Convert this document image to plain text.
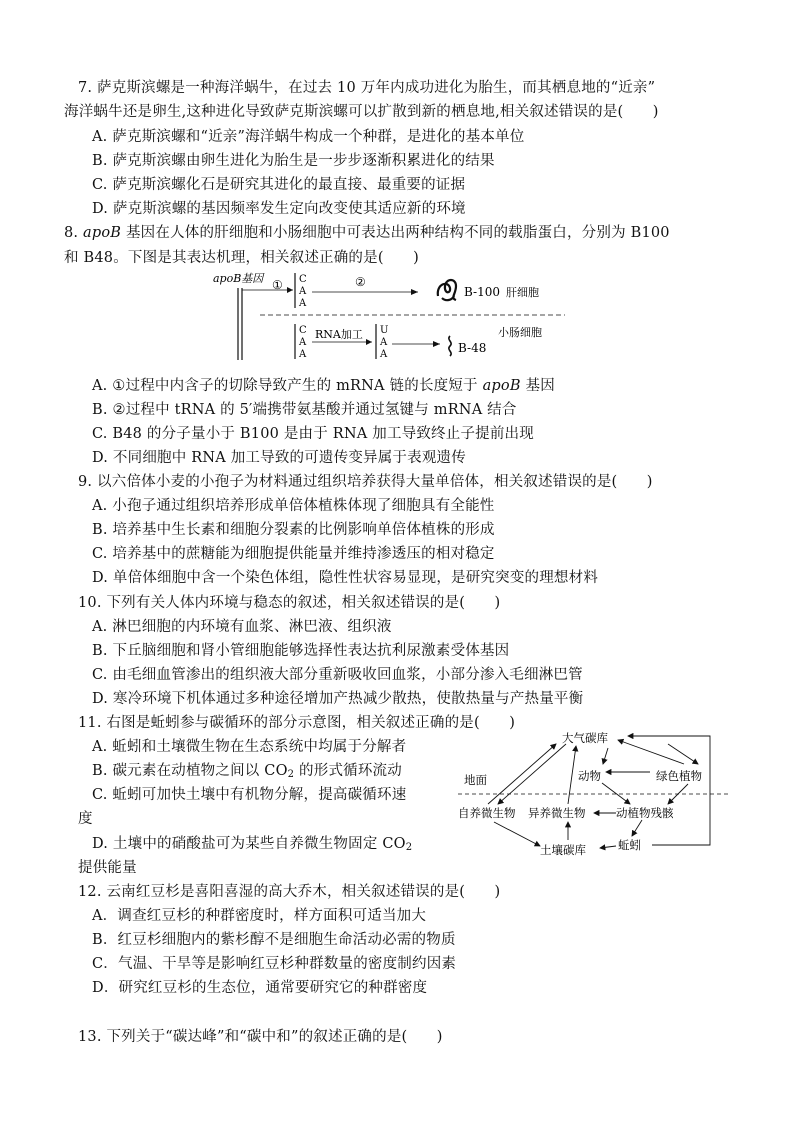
7. 萨克斯滨螺是一种海洋蜗牛，在过去 10 万年内成功进化为胎生，而其栖息地的“近亲”
海洋蜗牛还是卵生,这种进化导致萨克斯滨螺可以扩散到新的栖息地,相关叙述错误的是(　　)
A. 萨克斯滨螺和“近亲”海洋蜗牛构成一个种群，是进化的基本单位
B. 萨克斯滨螺由卵生进化为胎生是一步步逐渐积累进化的结果
C. 萨克斯滨螺化石是研究其进化的最直接、最重要的证据
D. 萨克斯滨螺的基因频率发生定向改变使其适应新的环境
8. apoB 基因在人体的肝细胞和小肠细胞中可表达出两种结构不同的载脂蛋白，分别为 B100
和 B48。下图是其表达机理，相关叙述正确的是(　　)
apoB基因 ① C
A
A
②
B-100 肝细胞
C
A
A
RNA加工 U
A
A	B-48
小肠细胞
A. ①过程中内含子的切除导致产生的 mRNA 链的长度短于 apoB 基因
B. ②过程中 tRNA 的 5′端携带氨基酸并通过氢键与 mRNA 结合
C. B48 的分子量小于 B100 是由于 RNA 加工导致终止子提前出现
D. 不同细胞中 RNA 加工导致的可遗传变异属于表观遗传
9. 以六倍体小麦的小孢子为材料通过组织培养获得大量单倍体，相关叙述错误的是(　　)
A. 小孢子通过组织培养形成单倍体植株体现了细胞具有全能性
B. 培养基中生长素和细胞分裂素的比例影响单倍体植株的形成
C. 培养基中的蔗糖能为细胞提供能量并维持渗透压的相对稳定
D. 单倍体细胞中含一个染色体组，隐性性状容易显现，是研究突变的理想材料
10. 下列有关人体内环境与稳态的叙述，相关叙述错误的是(　　)
A. 淋巴细胞的内环境有血浆、淋巴液、组织液
B. 下丘脑细胞和肾小管细胞能够选择性表达抗利尿激素受体基因
C. 由毛细血管渗出的组织液大部分重新吸收回血浆，小部分渗入毛细淋巴管
D. 寒冷环境下机体通过多种途径增加产热减少散热，使散热量与产热量平衡
11. 右图是蚯蚓参与碳循环的部分示意图，相关叙述正确的是(　　)
A. 蚯蚓和土壤微生物在生态系统中均属于分解者
B. 碳元素在动植物之间以 $CO_2$ 的形式循环流动
C. 蚯蚓可加快土壤中有机物分解，提高碳循环速
度
D. 土壤中的硝酸盐可为某些自养微生物固定 $CO_2$
提供能量
大气碳库
动物	绿色植物
地面
自养微生物 异养微生物	动植物残骸
土壤碳库	蚯蚓
12. 云南红豆杉是喜阳喜湿的高大乔木，相关叙述错误的是(　　)
A．调查红豆杉的种群密度时，样方面积可适当加大
B．红豆杉细胞内的紫杉醇不是细胞生命活动必需的物质
C．气温、干旱等是影响红豆杉种群数量的密度制约因素
D．研究红豆杉的生态位，通常要研究它的种群密度
13. 下列关于“碳达峰”和“碳中和”的叙述正确的是(　　)
